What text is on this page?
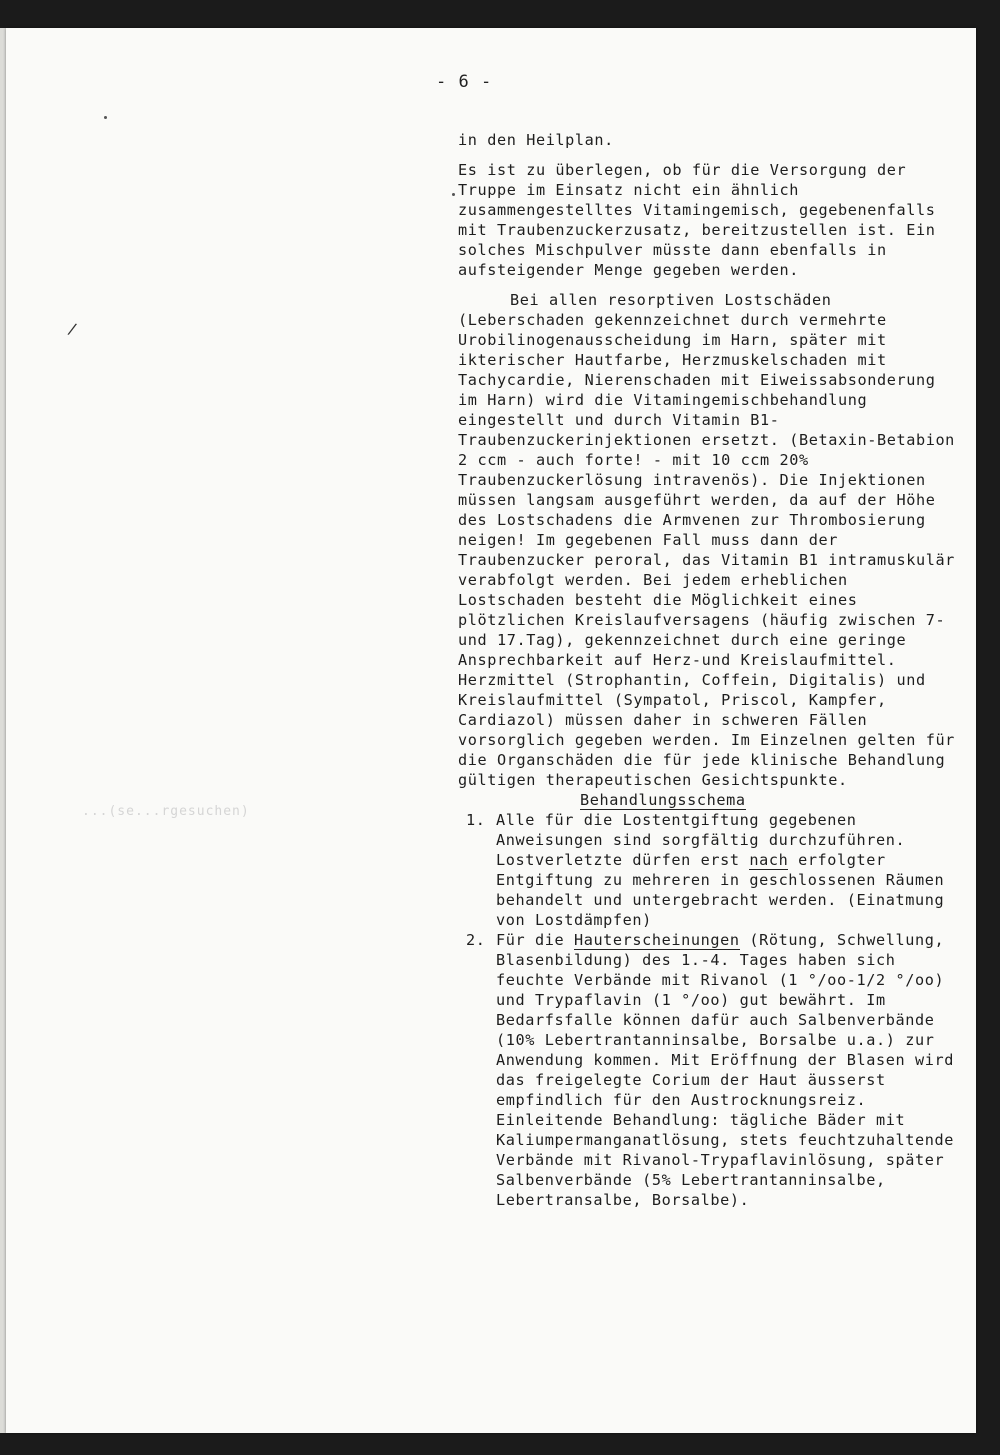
/
...(se...rgesuchen)
- 6 -

in den Heilplan.

Es ist zu überlegen, ob für die Versorgung der Truppe im Einsatz nicht ein ähnlich zusammengestelltes Vitamingemisch, gegebenenfalls mit Traubenzuckerzusatz, bereitzustellen ist. Ein solches Mischpulver müsste dann ebenfalls in aufsteigender Menge gegeben werden.

Bei allen resorptiven Lostschäden (Leberschaden gekennzeichnet durch vermehrte Urobilinogenausscheidung im Harn, später mit ikterischer Hautfarbe, Herzmuskelschaden mit Tachycardie, Nierenschaden mit Eiweissabsonderung im Harn) wird die Vitamingemischbehandlung eingestellt und durch Vitamin B1-Traubenzuckerinjektionen ersetzt. (Betaxin-Betabion 2 ccm - auch forte! - mit 10 ccm 20% Traubenzuckerlösung intravenös). Die Injektionen müssen langsam ausgeführt werden, da auf der Höhe des Lostschadens die Armvenen zur Thrombosierung neigen! Im gegebenen Fall muss dann der Traubenzucker peroral, das Vitamin B1 intramuskulär verabfolgt werden. Bei jedem erheblichen Lostschaden besteht die Möglichkeit eines plötzlichen Kreislaufversagens (häufig zwischen 7- und 17.Tag), gekennzeichnet durch eine geringe Ansprechbarkeit auf Herz-und Kreislaufmittel. Herzmittel (Strophantin, Coffein, Digitalis) und Kreislaufmittel (Sympatol, Priscol, Kampfer, Cardiazol) müssen daher in schweren Fällen vorsorglich gegeben werden. Im Einzelnen gelten für die Organschäden die für jede klinische Behandlung gültigen therapeutischen Gesichtspunkte.

Behandlungsschema

1. Alle für die Lostentgiftung gegebenen Anweisungen sind sorgfältig durchzuführen. Lostverletzte dürfen erst nach erfolgter Entgiftung zu mehreren in geschlossenen Räumen behandelt und untergebracht werden. (Einatmung von Lostdämpfen)
2. Für die Hauterscheinungen (Rötung, Schwellung, Blasenbildung) des 1.-4. Tages haben sich feuchte Verbände mit Rivanol (1 °/oo-1/2 °/oo) und Trypaflavin (1 °/oo) gut bewährt. Im Bedarfsfalle können dafür auch Salbenverbände (10% Lebertrantanninsalbe, Borsalbe u.a.) zur Anwendung kommen. Mit Eröffnung der Blasen wird das freigelegte Corium der Haut äusserst empfindlich für den Austrocknungsreiz.

Einleitende Behandlung: tägliche Bäder mit Kaliumpermanganatlösung, stets feuchtzuhaltende Verbände mit Rivanol-Trypaflavinlösung, später Salbenverbände (5% Lebertrantanninsalbe, Lebertransalbe, Borsalbe).
